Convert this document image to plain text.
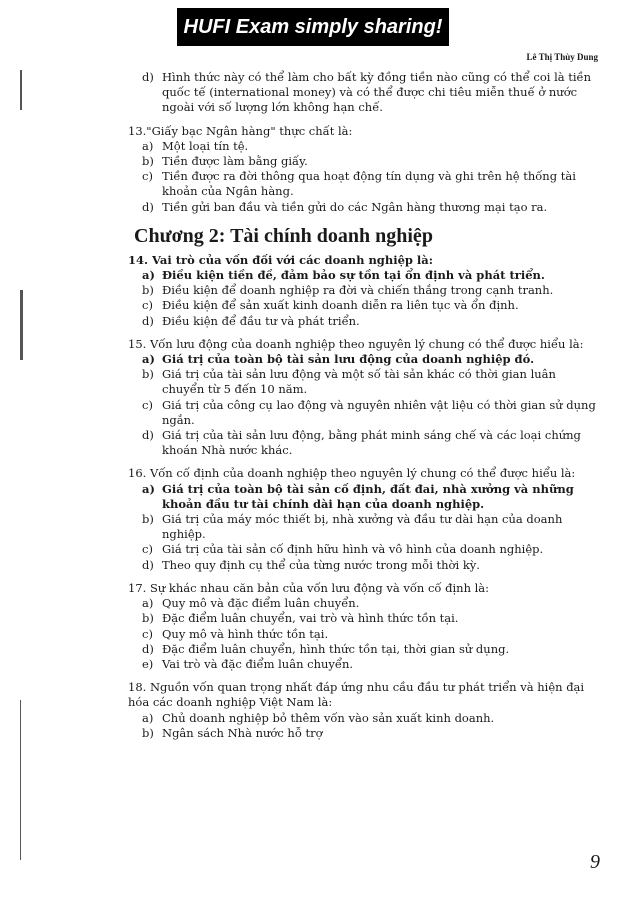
HUFI Exam simply sharing!
Lê Thị Thùy Dung
d) Hình thức này có thể làm cho bất kỳ đồng tiền nào cũng có thể coi là tiền quốc tế (international money) và có thể được chi tiêu miễn thuế ở nước ngoài với số lượng lớn không hạn chế.
13."Giấy bạc Ngân hàng" thực chất là:
a) Một loại tín tệ.
b) Tiền được làm bằng giấy.
c) Tiền được ra đời thông qua hoạt động tín dụng và ghi trên hệ thống tài khoản của Ngân hàng.
d) Tiền gửi ban đầu và tiền gửi do các Ngân hàng thương mại tạo ra.
Chương 2: Tài chính doanh nghiệp
14. Vai trò của vốn đối với các doanh nghiệp là:
a) Điều kiện tiền đề, đảm bảo sự tồn tại ổn định và phát triển.
b) Điều kiện để doanh nghiệp ra đời và chiến thắng trong cạnh tranh.
c) Điều kiện để sản xuất kinh doanh diễn ra liên tục và ổn định.
d) Điều kiện để đầu tư và phát triển.
15. Vốn lưu động của doanh nghiệp theo nguyên lý chung có thể được hiểu là:
a) Giá trị của toàn bộ tài sản lưu động của doanh nghiệp đó.
b) Giá trị của tài sản lưu động và một số tài sản khác có thời gian luân chuyển từ 5 đến 10 năm.
c) Giá trị của công cụ lao động và nguyên nhiên vật liệu có thời gian sử dụng ngắn.
d) Giá trị của tài sản lưu động, bằng phát minh sáng chế và các loại chứng khoán Nhà nước khác.
16. Vốn cố định của doanh nghiệp theo nguyên lý chung có thể được hiểu là:
a) Giá trị của toàn bộ tài sản cố định, đất đai, nhà xưởng và những khoản đầu tư tài chính dài hạn của doanh nghiệp.
b) Giá trị của máy móc thiết bị, nhà xưởng và đầu tư dài hạn của doanh nghiệp.
c) Giá trị của tài sản cố định hữu hình và vô hình của doanh nghiệp.
d) Theo quy định cụ thể của từng nước trong mỗi thời kỳ.
17. Sự khác nhau căn bản của vốn lưu động và vốn cố định là:
a) Quy mô và đặc điểm luân chuyển.
b) Đặc điểm luân chuyển, vai trò và hình thức tồn tại.
c) Quy mô và hình thức tồn tại.
d) Đặc điểm luân chuyển, hình thức tồn tại, thời gian sử dụng.
e) Vai trò và đặc điểm luân chuyển.
18. Nguồn vốn quan trọng nhất đáp ứng nhu cầu đầu tư phát triển và hiện đại hóa các doanh nghiệp Việt Nam là:
a) Chủ doanh nghiệp bỏ thêm vốn vào sản xuất kinh doanh.
b) Ngân sách Nhà nước hỗ trợ
9
